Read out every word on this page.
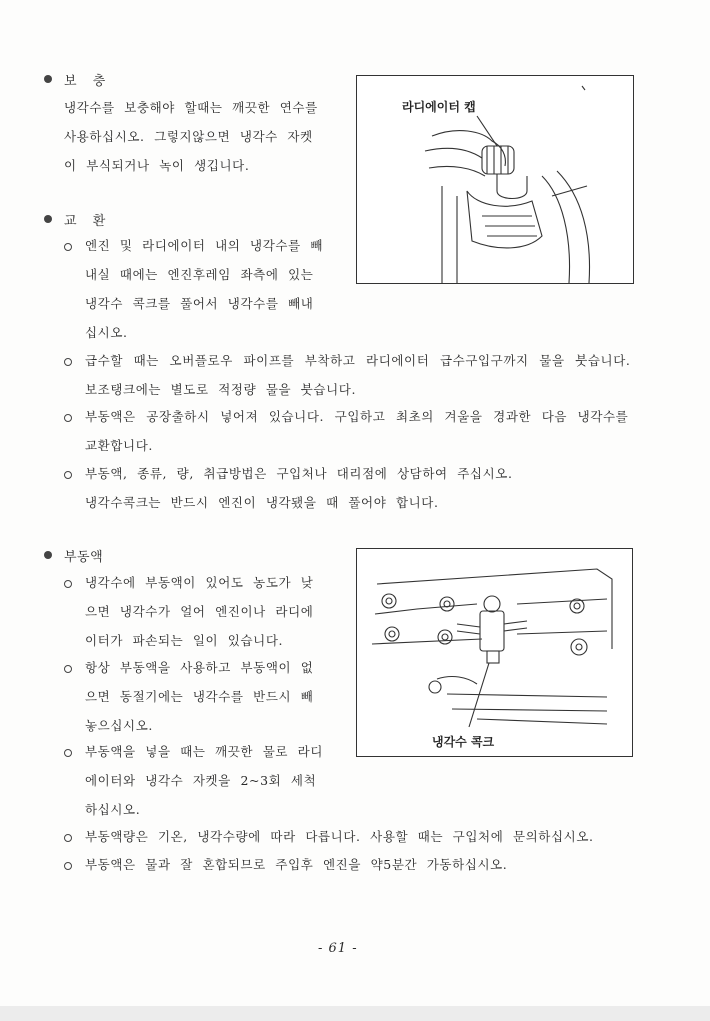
보 충
냉각수를 보충해야 할때는 깨끗한 연수를
사용하십시오. 그렇지않으면 냉각수 자켓
이 부식되거나 녹이 생깁니다.
라디에이터 캡
교 환
엔진 및 라디에이터 내의 냉각수를 빼
내실 때에는 엔진후레임 좌측에 있는
냉각수 콕크를 풀어서 냉각수를 빼내
십시오.
급수할 때는 오버플로우 파이프를 부착하고 라디에이터 급수구입구까지 물을 붓습니다.
보조탱크에는 별도로 적정량 물을 붓습니다.
부동액은 공장출하시 넣어져 있습니다. 구입하고 최초의 겨울을 경과한 다음 냉각수를
교환합니다.
부동액, 종류, 량, 취급방법은 구입처나 대리점에 상담하여 주십시오.
냉각수콕크는 반드시 엔진이 냉각됐을 때 풀어야 합니다.
부동액
냉각수에 부동액이 있어도 농도가 낮
으면 냉각수가 얼어 엔진이나 라디에
이터가 파손되는 일이 있습니다.
항상 부동액을 사용하고 부동액이 없
으면 동절기에는 냉각수를 반드시 빼
놓으십시오.
부동액을 넣을 때는 깨끗한 물로 라디
에이터와 냉각수 자켓을 2~3회 세척
하십시오.
부동액량은 기온, 냉각수량에 따라 다릅니다. 사용할 때는 구입처에 문의하십시오.
부동액은 물과 잘 혼합되므로 주입후 엔진을 약5분간 가동하십시오.
냉각수 콕크
- 61 -
